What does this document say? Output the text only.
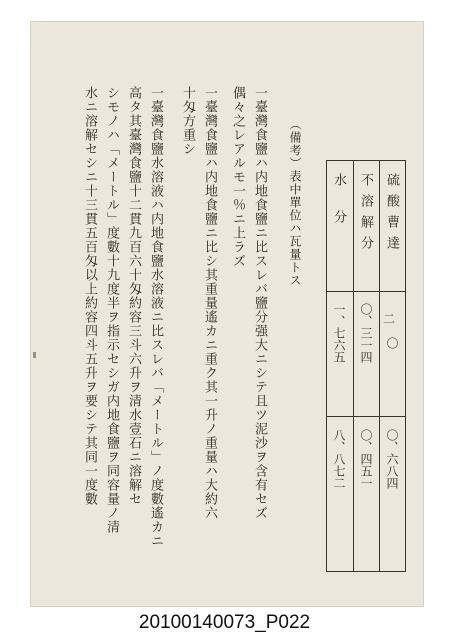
水ニ溶解セシニ十三貫五百匁以上約容四斗五升ヲ要シテ其同一度數 シモノハ「メートル」度數十九度半ヲ指示セシガ内地食鹽ヲ同容量ノ清 高タ其臺灣食鹽十二貫九百六十匁約容三斗六升ヲ清水壹石ニ溶解セ 一臺灣食鹽水溶液ハ内地食鹽水溶液ニ比スレバ「メートル」ノ度數遙カニ 十匁方重シ 一臺灣食鹽ハ内地食鹽ニ比シ其重量遙カニ重ク其一升ノ重量ハ大約六 偶々之レアルモ一％ニ上ラズ 一臺灣食鹽ハ内地食鹽ニ比スレバ鹽分强大ニシテ且ツ泥沙ヲ含有セズ （備考）表中單位ハ瓦量トス 水分
一、七六五
八、八七二
不溶解分
〇、三一四
〇、四五一
硫酸曹達
〇
〇、六八四
二
20100140073_P022
